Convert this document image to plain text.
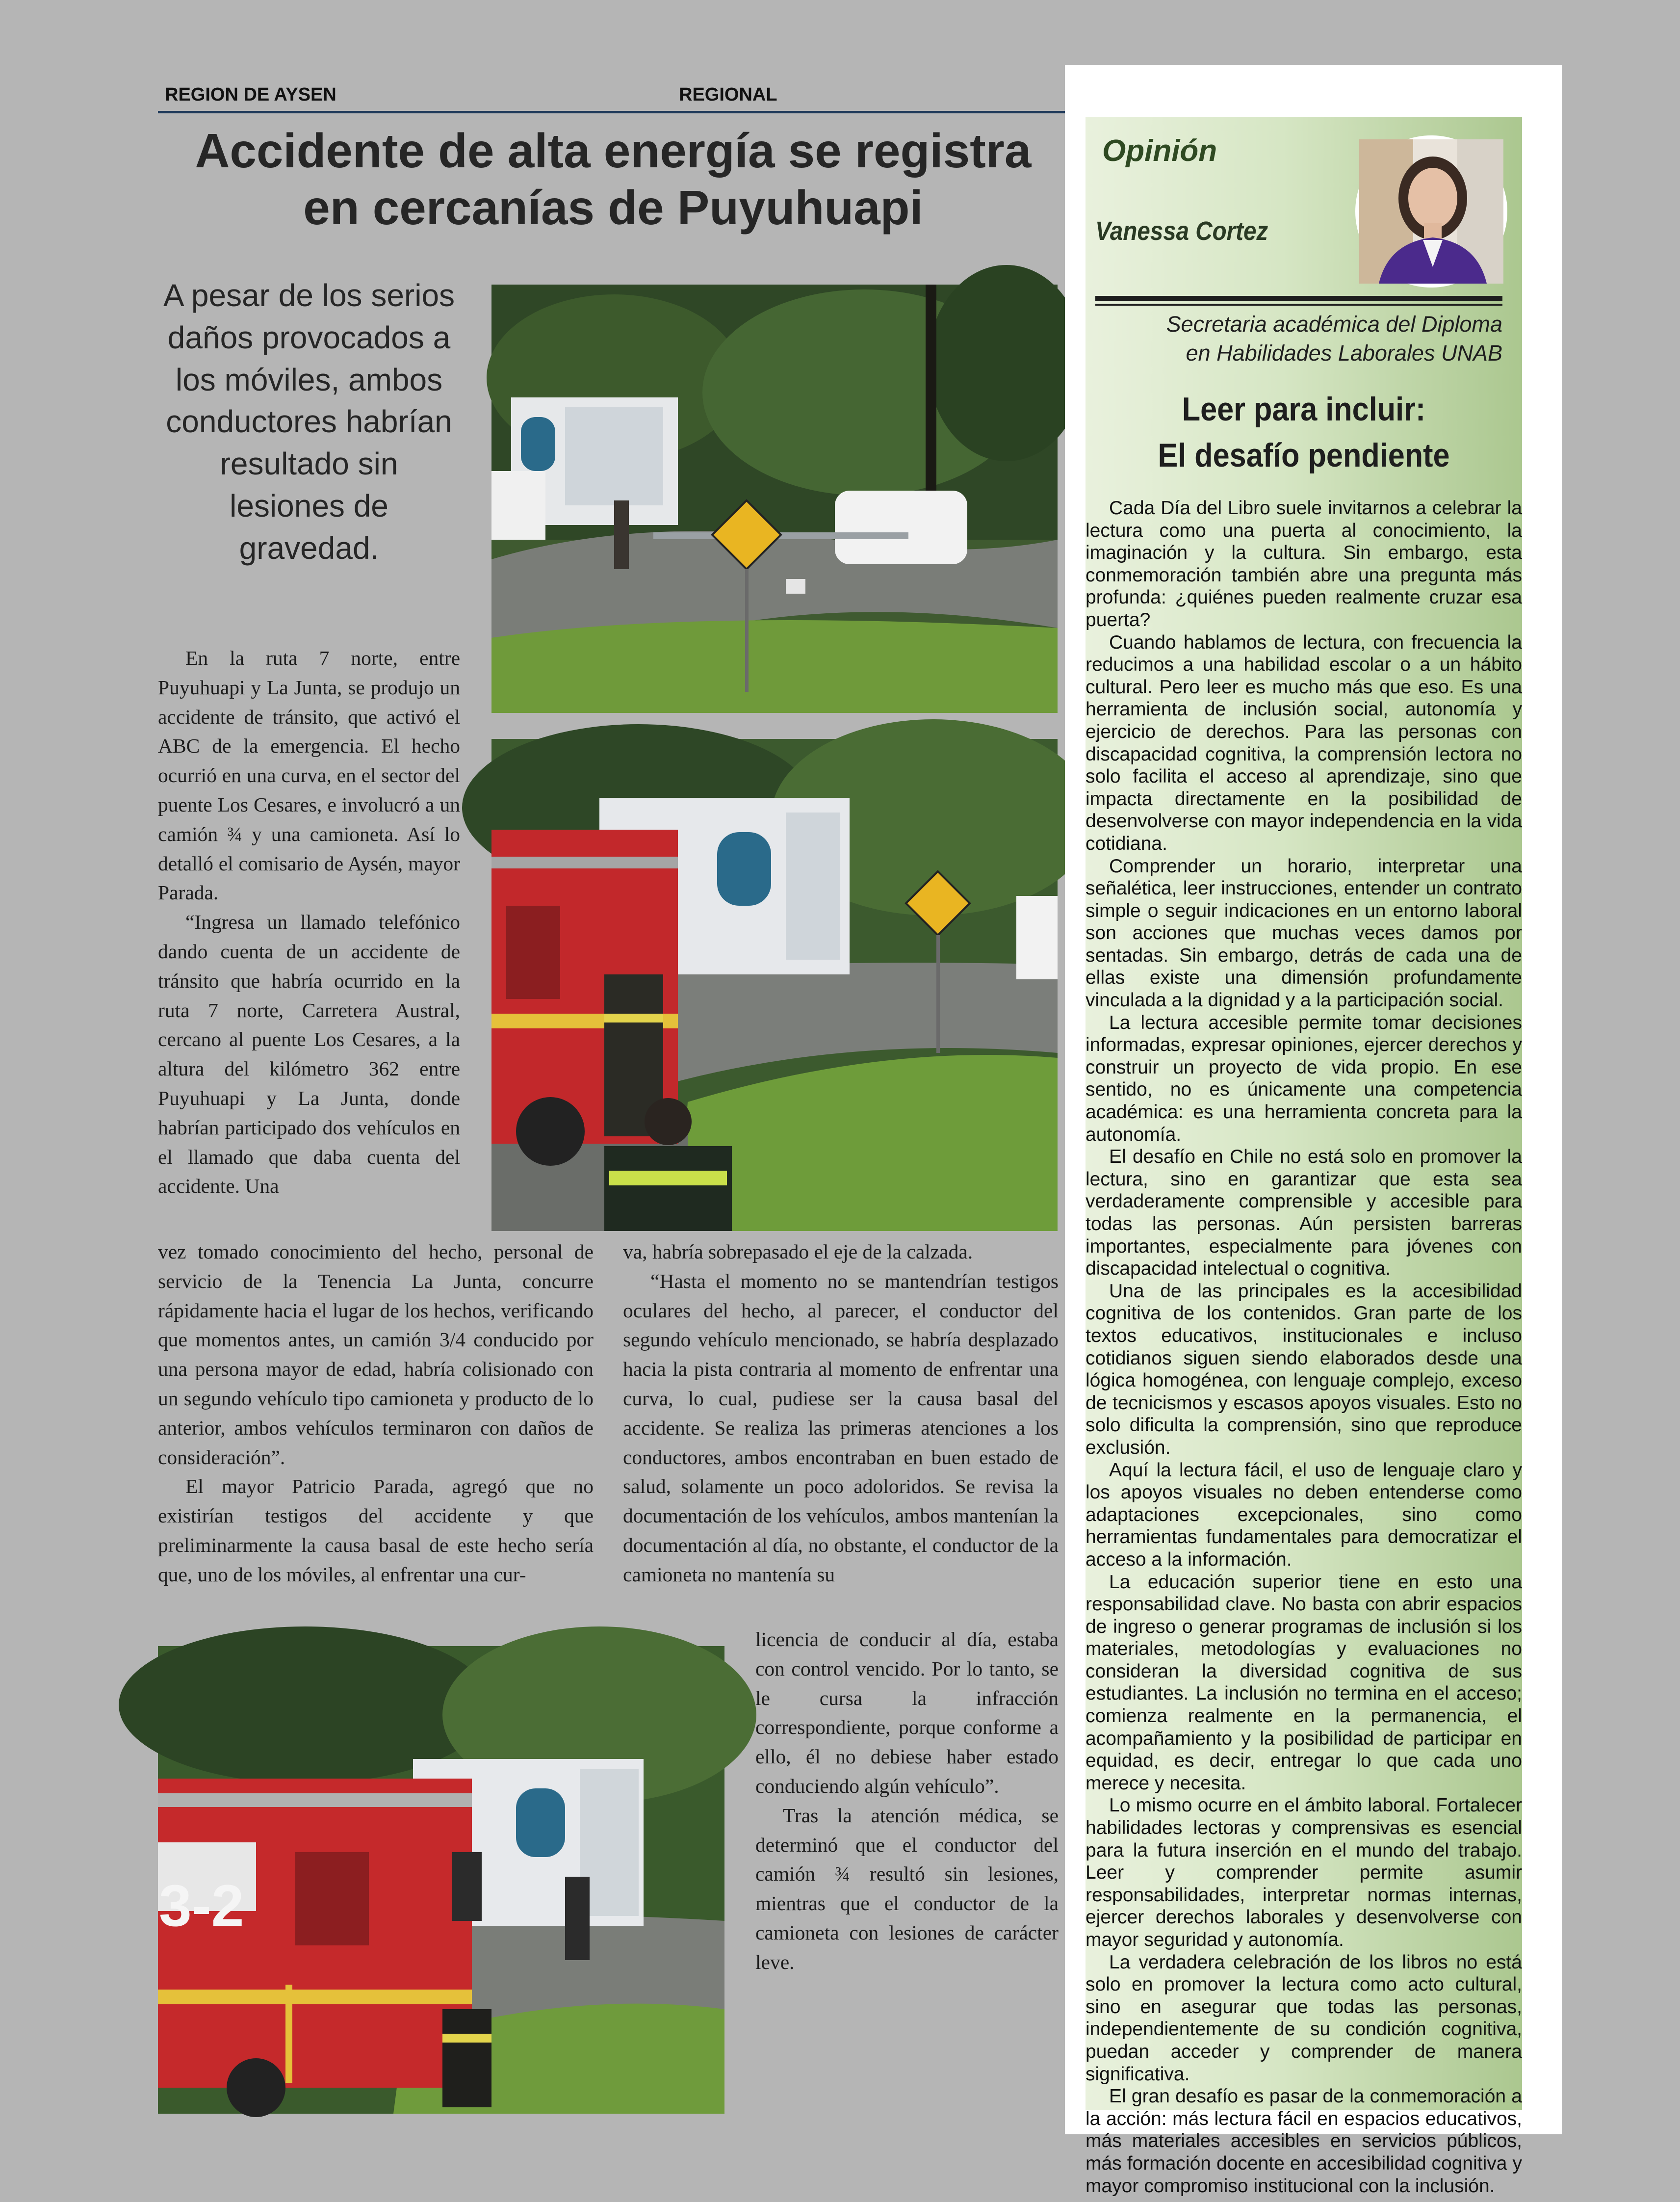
REGION DE AYSEN	REGIONAL
Accidente de alta energía se registra en cercanías de Puyuhuapi
A pesar de los serios daños provocados a los móviles, ambos conductores habrían resultado sin lesiones de gravedad.

En la ruta 7 norte, entre Puyuhuapi y La Junta, se produjo un accidente de tránsito, que activó el ABC de la emergencia. El hecho ocurrió en una curva, en el sector del puente Los Cesares, e involucró a un camión ¾ y una camioneta. Así lo detalló el comisario de Aysén, mayor Parada.

“Ingresa un llamado telefónico dando cuenta de un accidente de tránsito que habría ocurrido en la ruta 7 norte, Carretera Austral, cercano al puente Los Cesares, a la altura del kilómetro 362 entre Puyuhuapi y La Junta, donde habrían participado dos vehículos en el llamado que daba cuenta del accidente. Una

vez tomado conocimiento del hecho, personal de servicio de la Tenencia La Junta, concurre rápidamente hacia el lugar de los hechos, verificando que momentos antes, un camión 3/4 conducido por una persona mayor de edad, habría colisionado con un segundo vehículo tipo camioneta y producto de lo anterior, ambos vehículos terminaron con daños de consideración”.

El mayor Patricio Parada, agregó que no existirían testigos del accidente y que preliminarmente la causa basal de este hecho sería que, uno de los móviles, al enfrentar una cur-

va, habría sobrepasado el eje de la calzada.

“Hasta el momento no se mantendrían testigos oculares del hecho, al parecer, el conductor del segundo vehículo mencionado, se habría desplazado hacia la pista contraria al momento de enfrentar una curva, lo cual, pudiese ser la causa basal del accidente. Se realiza las primeras atenciones a los conductores, ambos encontraban en buen estado de salud, solamente un poco adoloridos. Se revisa la documentación de los vehículos, ambos mantenían la documentación al día, no obstante, el conductor de la camioneta no mantenía su

licencia de conducir al día, estaba con control vencido. Por lo tanto, se le cursa la infracción correspondiente, porque conforme a ello, él no debiese haber estado conduciendo algún vehículo”.

Tras la atención médica, se determinó que el conductor del camión ¾ resultó sin lesiones, mientras que el conductor de la camioneta con lesiones de carácter leve.

3-2
Opinión
Vanessa Cortez
Secretaria académica del Diploma
en Habilidades Laborales UNAB
Leer para incluir:
El desafío pendiente

Cada Día del Libro suele invitarnos a celebrar la lectura como una puerta al conocimiento, la imaginación y la cultura. Sin embargo, esta conmemoración también abre una pregunta más profunda: ¿quiénes pueden realmente cruzar esa puerta?

Cuando hablamos de lectura, con frecuencia la reducimos a una habilidad escolar o a un hábito cultural. Pero leer es mucho más que eso. Es una herramienta de inclusión social, autonomía y ejercicio de derechos. Para las personas con discapacidad cognitiva, la comprensión lectora no solo facilita el acceso al aprendizaje, sino que impacta directamente en la posibilidad de desenvolverse con mayor independencia en la vida cotidiana.

Comprender un horario, interpretar una señalética, leer instrucciones, entender un contrato simple o seguir indicaciones en un entorno laboral son acciones que muchas veces damos por sentadas. Sin embargo, detrás de cada una de ellas existe una dimensión profundamente vinculada a la dignidad y a la participación social.

La lectura accesible permite tomar decisiones informadas, expresar opiniones, ejercer derechos y construir un proyecto de vida propio. En ese sentido, no es únicamente una competencia académica: es una herramienta concreta para la autonomía.

El desafío en Chile no está solo en promover la lectura, sino en garantizar que esta sea verdaderamente comprensible y accesible para todas las personas. Aún persisten barreras importantes, especialmente para jóvenes con discapacidad intelectual o cognitiva.

Una de las principales es la accesibilidad cognitiva de los contenidos. Gran parte de los textos educativos, institucionales e incluso cotidianos siguen siendo elaborados desde una lógica homogénea, con lenguaje complejo, exceso de tecnicismos y escasos apoyos visuales. Esto no solo dificulta la comprensión, sino que reproduce exclusión.

Aquí la lectura fácil, el uso de lenguaje claro y los apoyos visuales no deben entenderse como adaptaciones excepcionales, sino como herramientas fundamentales para democratizar el acceso a la información.

La educación superior tiene en esto una responsabilidad clave. No basta con abrir espacios de ingreso o generar programas de inclusión si los materiales, metodologías y evaluaciones no consideran la diversidad cognitiva de sus estudiantes. La inclusión no termina en el acceso; comienza realmente en la permanencia, el acompañamiento y la posibilidad de participar en equidad, es decir, entregar lo que cada uno merece y necesita.

Lo mismo ocurre en el ámbito laboral. Fortalecer habilidades lectoras y comprensivas es esencial para la futura inserción en el mundo del trabajo. Leer y comprender permite asumir responsabilidades, interpretar normas internas, ejercer derechos laborales y desenvolverse con mayor seguridad y autonomía.

La verdadera celebración de los libros no está solo en promover la lectura como acto cultural, sino en asegurar que todas las personas, independientemente de su condición cognitiva, puedan acceder y comprender de manera significativa.

El gran desafío es pasar de la conmemoración a la acción: más lectura fácil en espacios educativos, más materiales accesibles en servicios públicos, más formación docente en accesibilidad cognitiva y mayor compromiso institucional con la inclusión.
